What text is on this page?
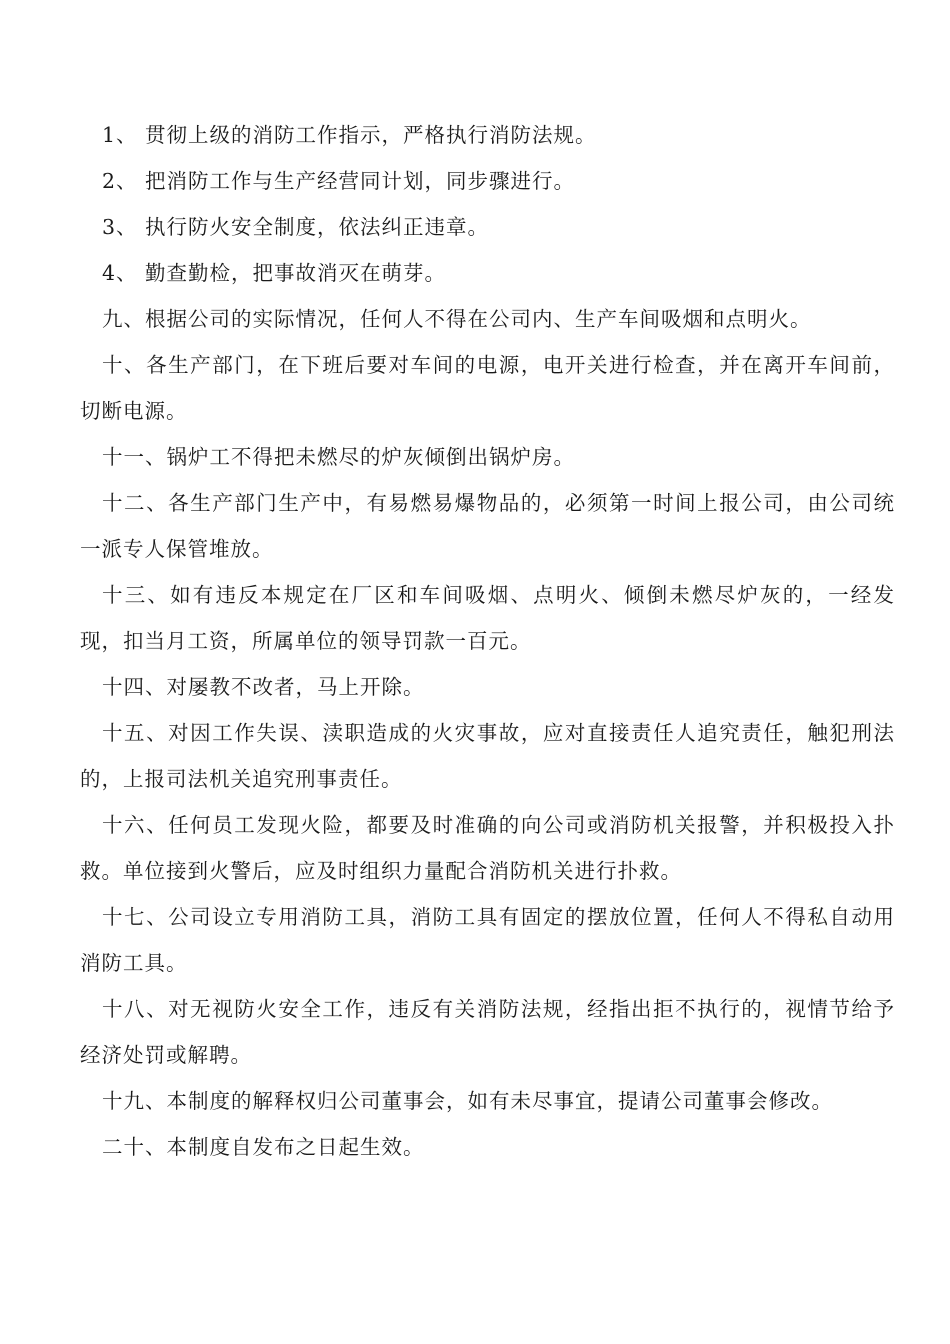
1、 贯彻上级的消防工作指示，严格执行消防法规。

2、 把消防工作与生产经营同计划，同步骤进行。

3、 执行防火安全制度，依法纠正违章。

4、 勤查勤检，把事故消灭在萌芽。

九、根据公司的实际情况，任何人不得在公司内、生产车间吸烟和点明火。

十、各生产部门，在下班后要对车间的电源，电开关进行检查，并在离开车间前，切断电源。

十一、锅炉工不得把未燃尽的炉灰倾倒出锅炉房。

十二、各生产部门生产中，有易燃易爆物品的，必须第一时间上报公司，由公司统一派专人保管堆放。

十三、如有违反本规定在厂区和车间吸烟、点明火、倾倒未燃尽炉灰的，一经发现，扣当月工资，所属单位的领导罚款一百元。

十四、对屡教不改者，马上开除。

十五、对因工作失误、渎职造成的火灾事故，应对直接责任人追究责任，触犯刑法的，上报司法机关追究刑事责任。

十六、任何员工发现火险，都要及时准确的向公司或消防机关报警，并积极投入扑救。单位接到火警后，应及时组织力量配合消防机关进行扑救。

十七、公司设立专用消防工具，消防工具有固定的摆放位置，任何人不得私自动用消防工具。

十八、对无视防火安全工作，违反有关消防法规，经指出拒不执行的，视情节给予经济处罚或解聘。

十九、本制度的解释权归公司董事会，如有未尽事宜，提请公司董事会修改。

二十、本制度自发布之日起生效。
